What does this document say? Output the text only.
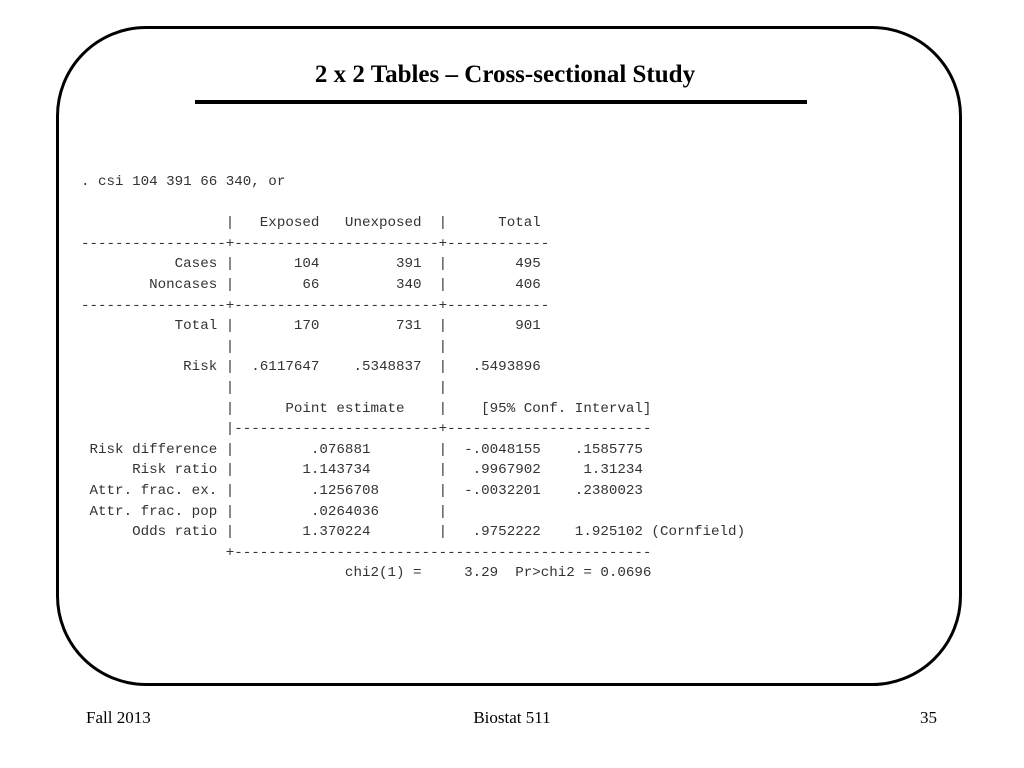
2 x 2 Tables – Cross-sectional Study
. csi 104 391 66 340, or

|   Exposed   Unexposed  |      Total
-----------------+------------------------+------------
Cases |       104         391  |        495
Noncases |        66         340  |        406
-----------------+------------------------+------------
Total |       170         731  |        901
|                        |
Risk |  .6117647    .5348837  |   .5493896
|                        |
|      Point estimate    |    [95% Conf. Interval]
|------------------------+------------------------
Risk difference |         .076881        |  -.0048155    .1585775
Risk ratio |        1.143734        |   .9967902     1.31234
Attr. frac. ex. |         .1256708       |  -.0032201    .2380023
Attr. frac. pop |         .0264036       |
Odds ratio |        1.370224        |   .9752222    1.925102 (Cornfield)
+-------------------------------------------------
chi2(1) =     3.29  Pr>chi2 = 0.0696
Fall 2013	Biostat 511	35
